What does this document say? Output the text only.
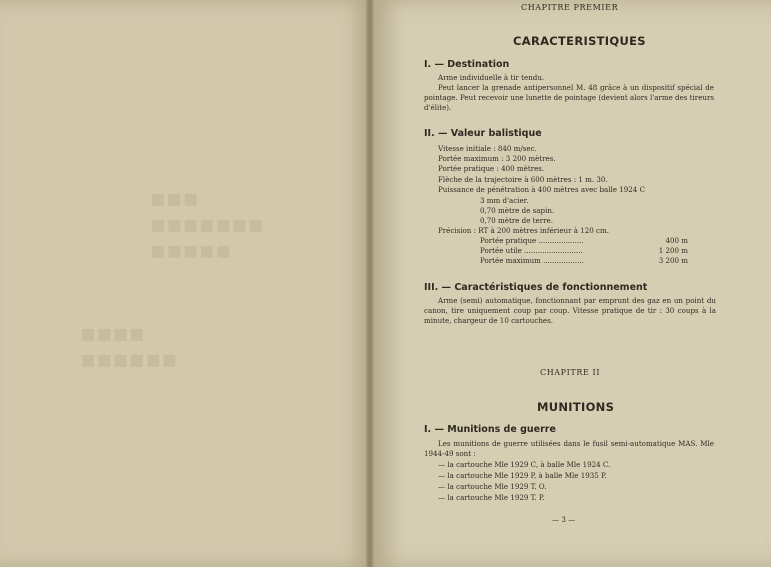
▪▪▪
▪▪▪▪▪▪▪
▪▪▪▪▪
▪▪▪▪
▪▪▪▪▪▪
CHAPITRE PREMIER
CARACTERISTIQUES
I. — Destination
Arme individuelle à tir tendu.
Peut lancer la grenade antipersonnel M. 48 grâce à un dispositif spécial de pointage. Peut recevoir une lunette de pointage (devient alors l'arme des tireurs d'élite).
II. — Valeur balistique
Vitesse initiale : 840 m/sec.
Portée maximum : 3 200 mètres.
Portée pratique : 400 mètres.
Flèche de la trajectoire à 600 mètres : 1 m. 30.
Puissance de pénétration à 400 mètres avec balle 1924 C
3 mm d'acier.
0,70 mètre de sapin.
0,70 mètre de terre.
Précision : RT à 200 mètres inférieur à 120 cm.
Portée pratique ....................	400 m
Portée utile ..........................	1 200 m
Portée maximum ..................	3 200 m
III. — Caractéristiques de fonctionnement
Arme (semi) automatique, fonctionnant par emprunt des gaz en un point du canon, tire uniquement coup par coup. Vitesse pratique de tir : 30 coups à la minute, chargeur de 10 cartouches.
CHAPITRE II
MUNITIONS
I. — Munitions de guerre
Les munitions de guerre utilisées dans le fusil semi-automatique MAS. Mle 1944-49 sont :
— la cartouche Mle 1929 C, à balle Mle 1924 C.
— la cartouche Mle 1929 P, à balle Mle 1935 P.
— la cartouche Mle 1929 T. O.
— la cartouche Mle 1929 T. P.
— 3 —
